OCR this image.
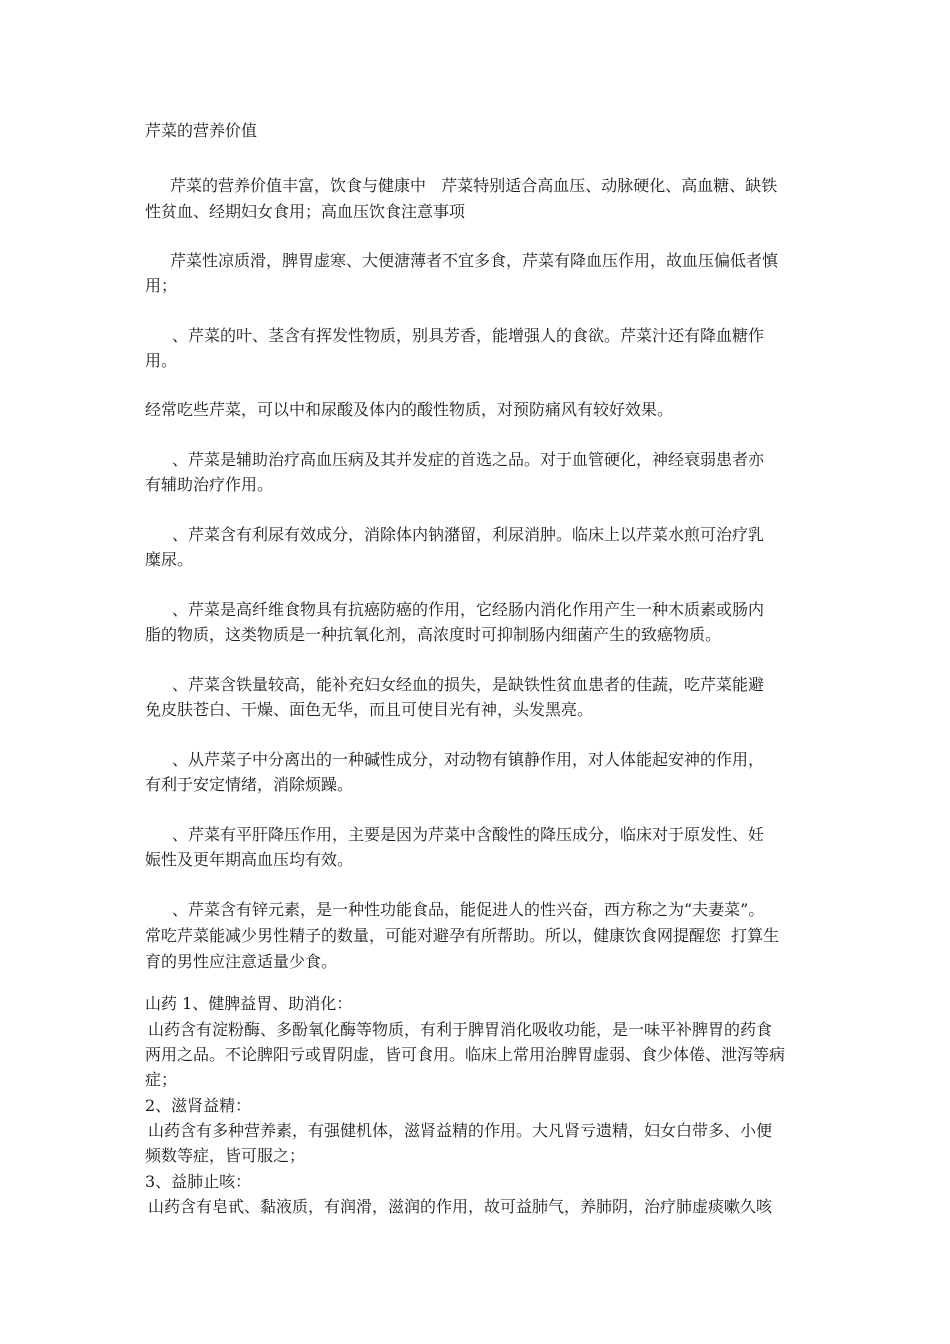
芹菜的营养价值
芹菜的营养价值丰富，饮食与健康中   芹菜特别适合高血压、动脉硬化、高血糖、缺铁
性贫血、经期妇女食用；高血压饮食注意事项
芹菜性凉质滑，脾胃虚寒、大便溏薄者不宜多食，芹菜有降血压作用，故血压偏低者慎
用；
、芹菜的叶、茎含有挥发性物质，别具芳香，能增强人的食欲。芹菜汁还有降血糖作
用。
经常吃些芹菜，可以中和尿酸及体内的酸性物质，对预防痛风有较好效果。
、芹菜是辅助治疗高血压病及其并发症的首选之品。对于血管硬化，神经衰弱患者亦
有辅助治疗作用。
、芹菜含有利尿有效成分，消除体内钠潴留，利尿消肿。临床上以芹菜水煎可治疗乳
糜尿。
、芹菜是高纤维食物具有抗癌防癌的作用，它经肠内消化作用产生一种木质素或肠内
脂的物质，这类物质是一种抗氧化剂，高浓度时可抑制肠内细菌产生的致癌物质。
、芹菜含铁量较高，能补充妇女经血的损失，是缺铁性贫血患者的佳蔬，吃芹菜能避
免皮肤苍白、干燥、面色无华，而且可使目光有神，头发黑亮。
、从芹菜子中分离出的一种碱性成分，对动物有镇静作用，对人体能起安神的作用，
有利于安定情绪，消除烦躁。
、芹菜有平肝降压作用，主要是因为芹菜中含酸性的降压成分，临床对于原发性、妊
娠性及更年期高血压均有效。
、芹菜含有锌元素，是一种性功能食品，能促进人的性兴奋，西方称之为“夫妻菜”。
常吃芹菜能减少男性精子的数量，可能对避孕有所帮助。所以，健康饮食网提醒您  打算生
育的男性应注意适量少食。
山药 1、健脾益胃、助消化：
山药含有淀粉酶、多酚氧化酶等物质，有利于脾胃消化吸收功能，是一味平补脾胃的药食
两用之品。不论脾阳亏或胃阴虚，皆可食用。临床上常用治脾胃虚弱、食少体倦、泄泻等病
症；
2、滋肾益精：
山药含有多种营养素，有强健机体，滋肾益精的作用。大凡肾亏遗精，妇女白带多、小便
频数等症，皆可服之；
3、益肺止咳：
山药含有皂甙、黏液质，有润滑，滋润的作用，故可益肺气，养肺阴，治疗肺虚痰嗽久咳
